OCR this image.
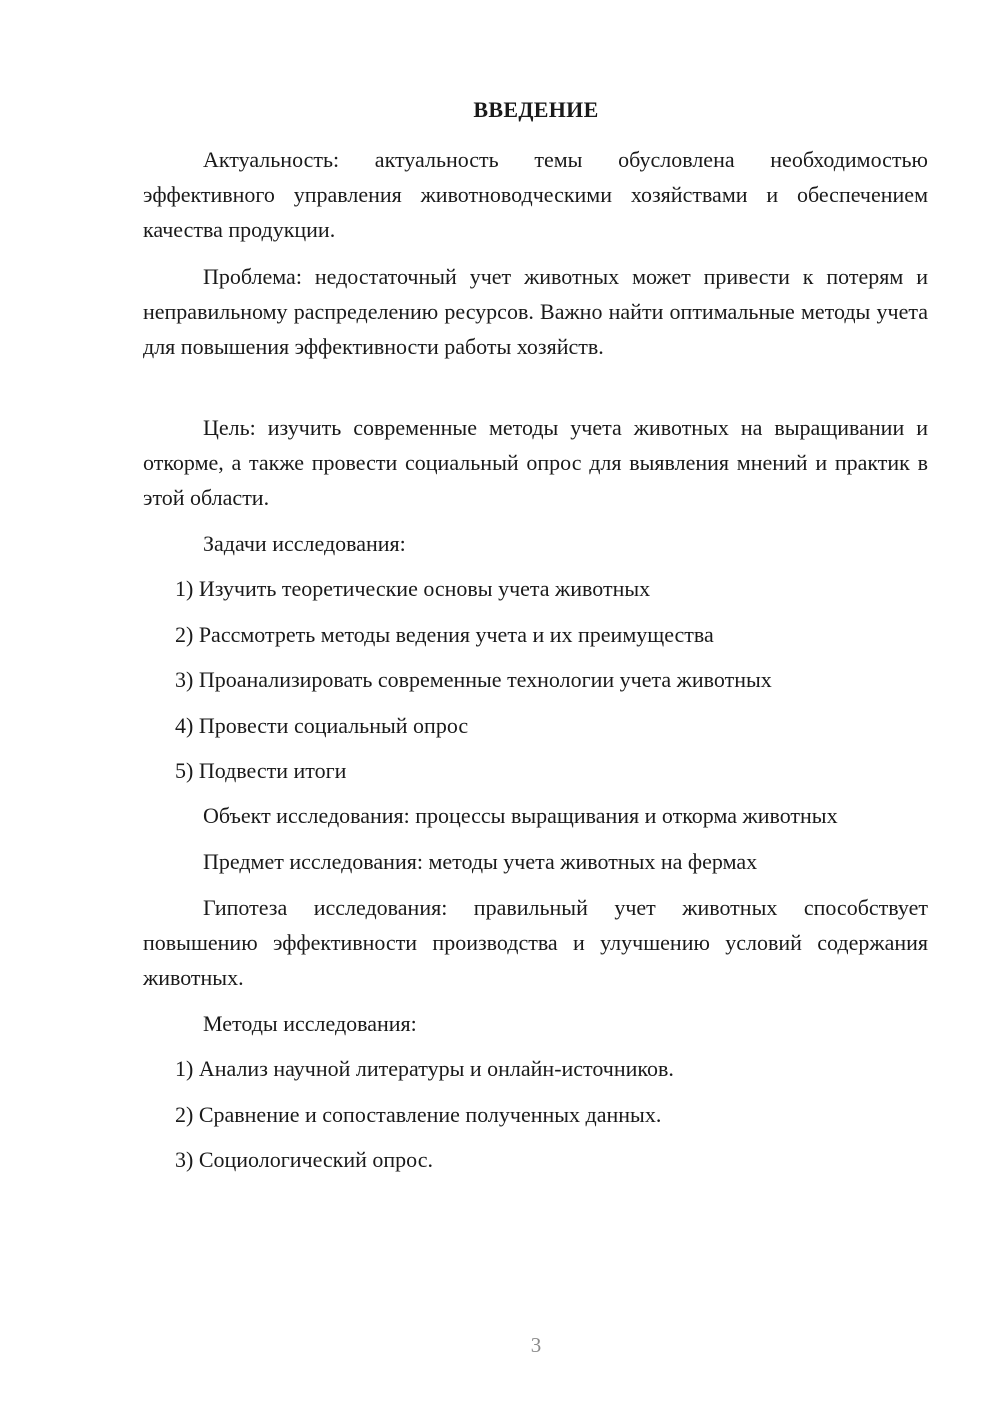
ВВЕДЕНИЕ

Актуальность: актуальность темы обусловлена необходимостью эффективного управления животноводческими хозяйствами и обеспечением качества продукции.

Проблема: недостаточный учет животных может привести к потерям и неправильному распределению ресурсов. Важно найти оптимальные методы учета для повышения эффективности работы хозяйств.

Цель: изучить современные методы учета животных на выращивании и откорме, а также провести социальный опрос для выявления мнений и практик в этой области.

Задачи исследования:

1) Изучить теоретические основы учета животных

2) Рассмотреть методы ведения учета и их преимущества

3) Проанализировать современные технологии учета животных

4) Провести социальный опрос

5) Подвести итоги

Объект исследования: процессы выращивания и откорма животных

Предмет исследования: методы учета животных на фермах

Гипотеза исследования: правильный учет животных способствует повышению эффективности производства и улучшению условий содержания животных.

Методы исследования:

1) Анализ научной литературы и онлайн-источников.

2) Сравнение и сопоставление полученных данных.

3) Социологический опрос.

3
